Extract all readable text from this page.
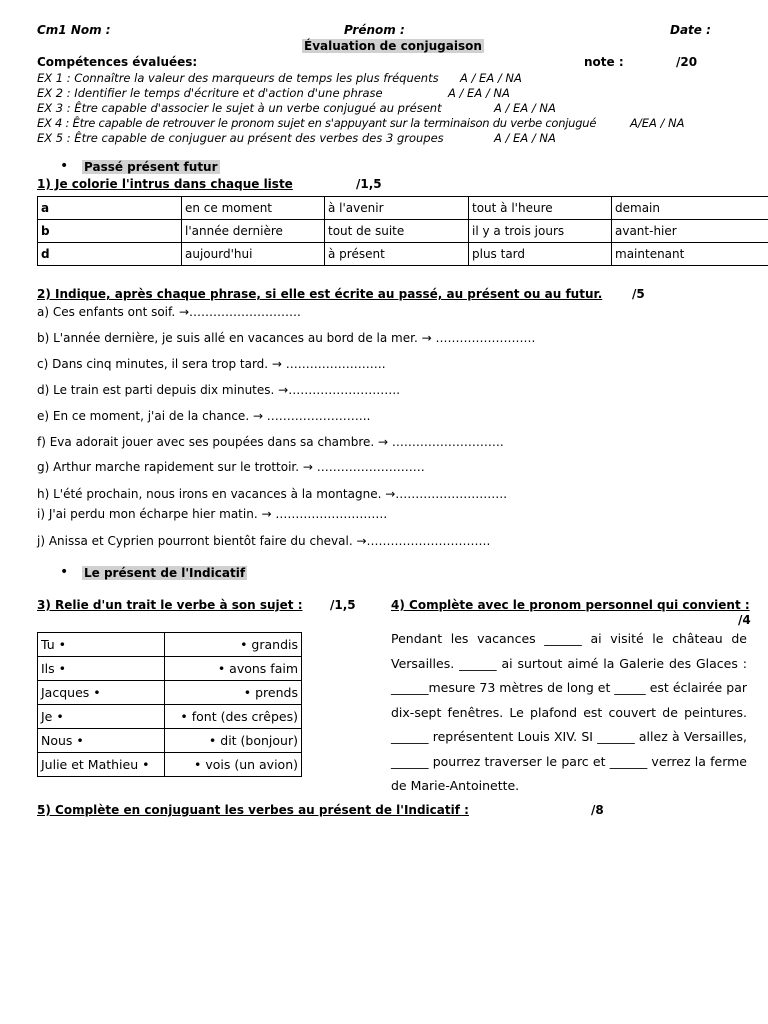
Cm1 Nom :	Prénom :	Date :
Évaluation de conjugaison
Compétences évaluées:	note :	/20
EX 1 : Connaître la valeur des marqueurs de temps les plus fréquents A / EA / NA
EX 2 : Identifier le temps d'écriture et d'action d'une phrase	A / EA / NA
EX 3 : Être capable d'associer le sujet à un verbe conjugué au présent	A / EA / NA
EX 4 : Être capable de retrouver le pronom sujet en s'appuyant sur la terminaison du verbe conjugué	A/EA / NA
EX 5 : Être capable de conjuguer au présent des verbes des 3 groupes	A / EA / NA
• Passé présent futur
1) Je colorie l'intrus dans chaque liste	/1,5
a	en ce moment	à l'avenir	tout à l'heure	demain
b	l'année dernière	tout de suite	il y a trois jours	avant-hier
d	aujourd'hui	à présent	plus tard	maintenant
2) Indique, après chaque phrase, si elle est écrite au passé, au présent ou au futur. /5
a) Ces enfants ont soif. →……………………….
b) L'année dernière, je suis allé en vacances au bord de la mer. → …………………….
c) Dans cinq minutes, il sera trop tard. → …………………….
d) Le train est parti depuis dix minutes. →……………………….
e) En ce moment, j'ai de la chance. → ……………………..
f) Eva adorait jouer avec ses poupées dans sa chambre. → ……………………….
g) Arthur marche rapidement sur le trottoir. → ………………………
h) L'été prochain, nous irons en vacances à la montagne. →……………………….
i) J'ai perdu mon écharpe hier matin. → ……………………….
j) Anissa et Cyprien pourront bientôt faire du cheval. →………………………….
• Le présent de l'Indicatif
3) Relie d'un trait le verbe à son sujet : /1,5
Tu •	• grandis
Ils •	• avons faim
Jacques •	• prends
Je •	• font (des crêpes)
Nous •	• dit (bonjour)
Julie et Mathieu •	• vois (un avion)
4) Complète avec le pronom personnel qui convient :
/4
Pendant les vacances ______ ai visité le château de Versailles. ______ ai surtout aimé la Galerie des Glaces : ______mesure 73 mètres de long et _____ est éclairée par dix-sept fenêtres. Le plafond est couvert de peintures. ______ représentent Louis XIV. SI ______ allez à Versailles, ______ pourrez traverser le parc et ______ verrez la ferme de Marie-Antoinette.
5) Complète en conjuguant les verbes au présent de l'Indicatif :	/8
